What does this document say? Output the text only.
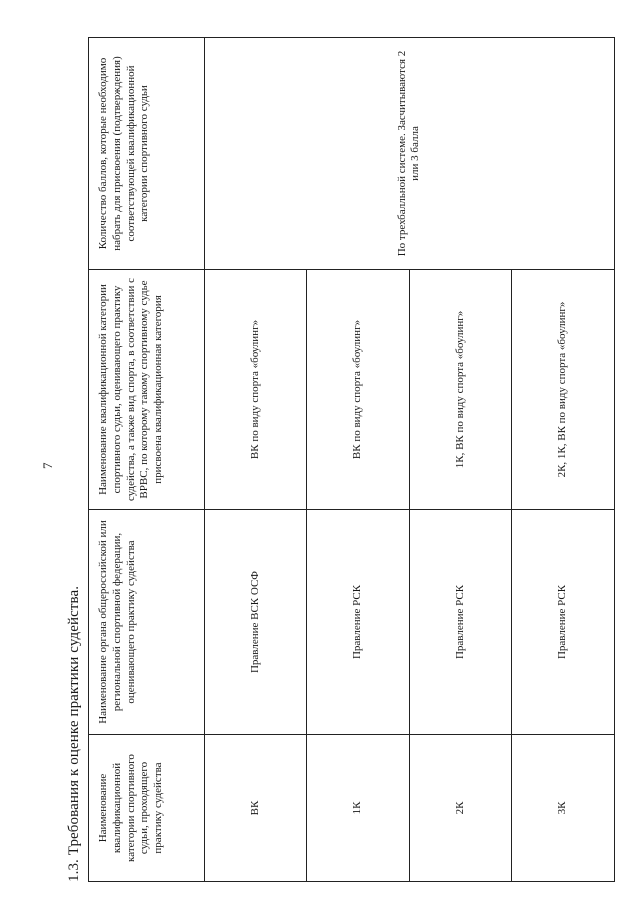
7
1.3. Требования к оценке практики судейства. Наименование квалификационной категории спортивного судьи, проходящего практику судейства	Наименование органа общероссийской или региональной спортивной федерации, оценивающего практику судейства	Наименование квалификационной категории спортивного судьи, оценивающего практику судейства, а также вид спорта, в соответствии с ВРВС, по которому такому спортивному судье присвоена квалификационная категория	Количество баллов, которые необходимо набрать для присвоения (подтверждения) соответствующей квалификационной категории спортивного судьи
ВК	Правление ВСК ОСФ	ВК по виду спорта «боулинг»	По трехбалльной системе. Засчитываются 2 или 3 балла
1К	Правление РСК	ВК по виду спорта «боулинг»	
2К	Правление РСК	1К, ВК по виду спорта «боулинг»	
3К	Правление РСК	2К, 1К, ВК по виду спорта «боулинг»	
